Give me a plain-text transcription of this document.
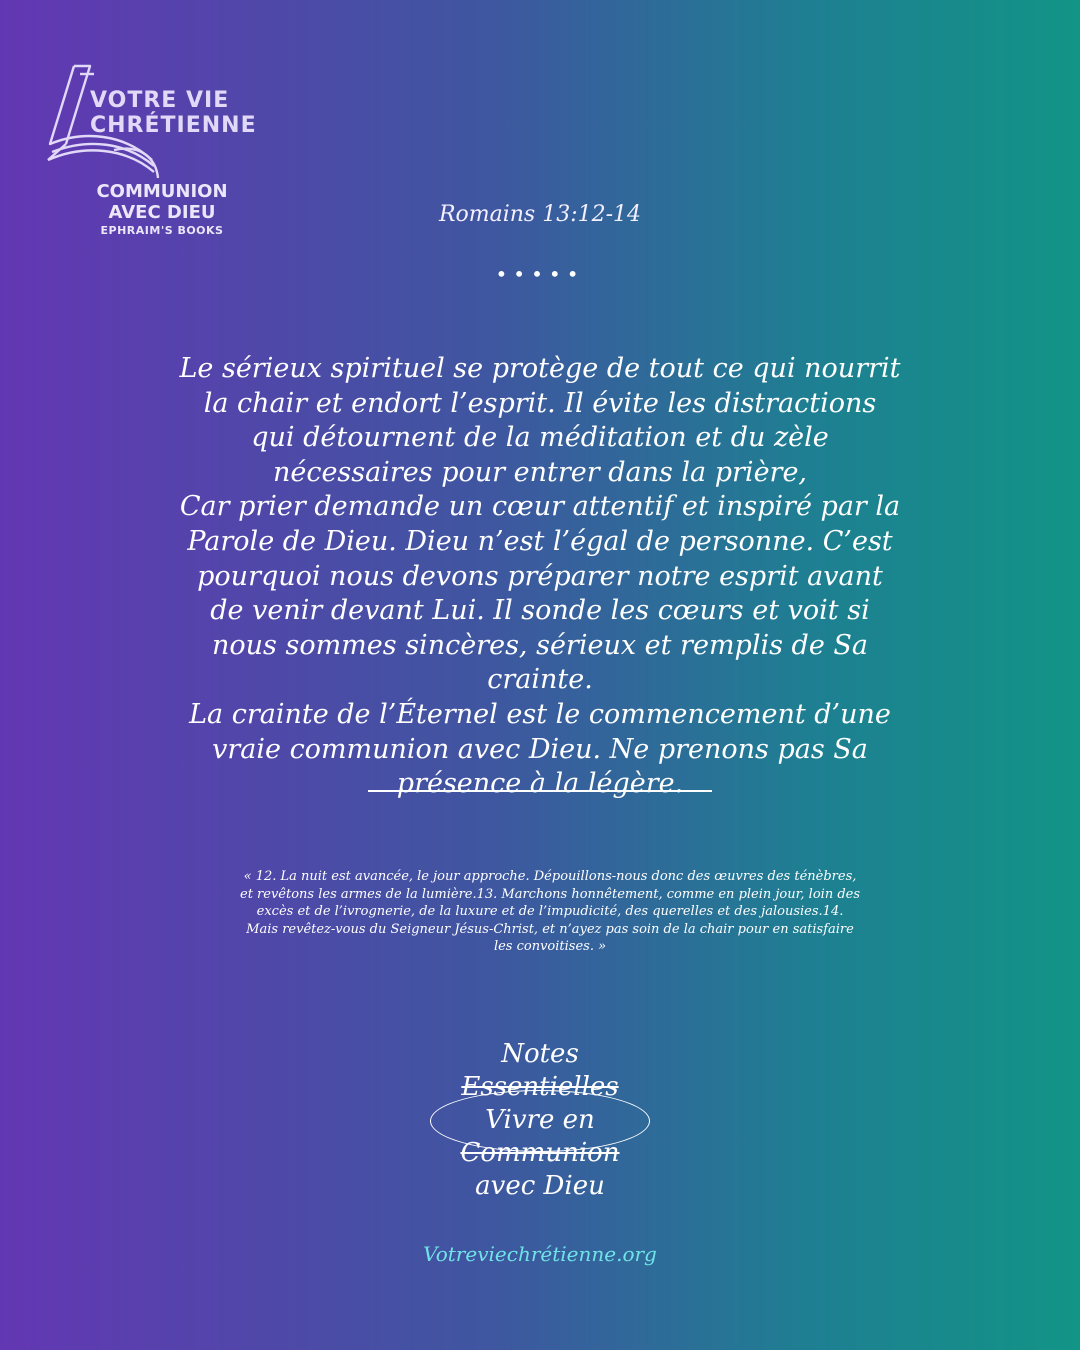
VOTRE VIE
CHRÉTIENNE
COMMUNION
AVEC DIEU
EPHRAIM'S BOOKS
Romains 13:12-14
•••••

Le sérieux spirituel se protège de tout ce qui nourrit la chair et endort l’esprit. Il évite les distractions qui détournent de la méditation et du zèle nécessaires pour entrer dans la prière,

Car prier demande un cœur attentif et inspiré par la Parole de Dieu. Dieu n’est l’égal de personne. C’est pourquoi nous devons préparer notre esprit avant de venir devant Lui. Il sonde les cœurs et voit si nous sommes sincères, sérieux et remplis de Sa crainte.

La crainte de l’Éternel est le commencement d’une vraie communion avec Dieu. Ne prenons pas Sa présence à la légère.

« 12. La nuit est avancée, le jour approche. Dépouillons-nous donc des œuvres des ténèbres, et revêtons les armes de la lumière.13. Marchons honnêtement, comme en plein jour, loin des excès et de l’ivrognerie, de la luxure et de l’impudicité, des querelles et des jalousies.14. Mais revêtez-vous du Seigneur Jésus-Christ, et n’ayez pas soin de la chair pour en satisfaire les convoitises. »
Notes
Essentielles
Vivre en
Communion
avec Dieu
Votreviechrétienne.org
